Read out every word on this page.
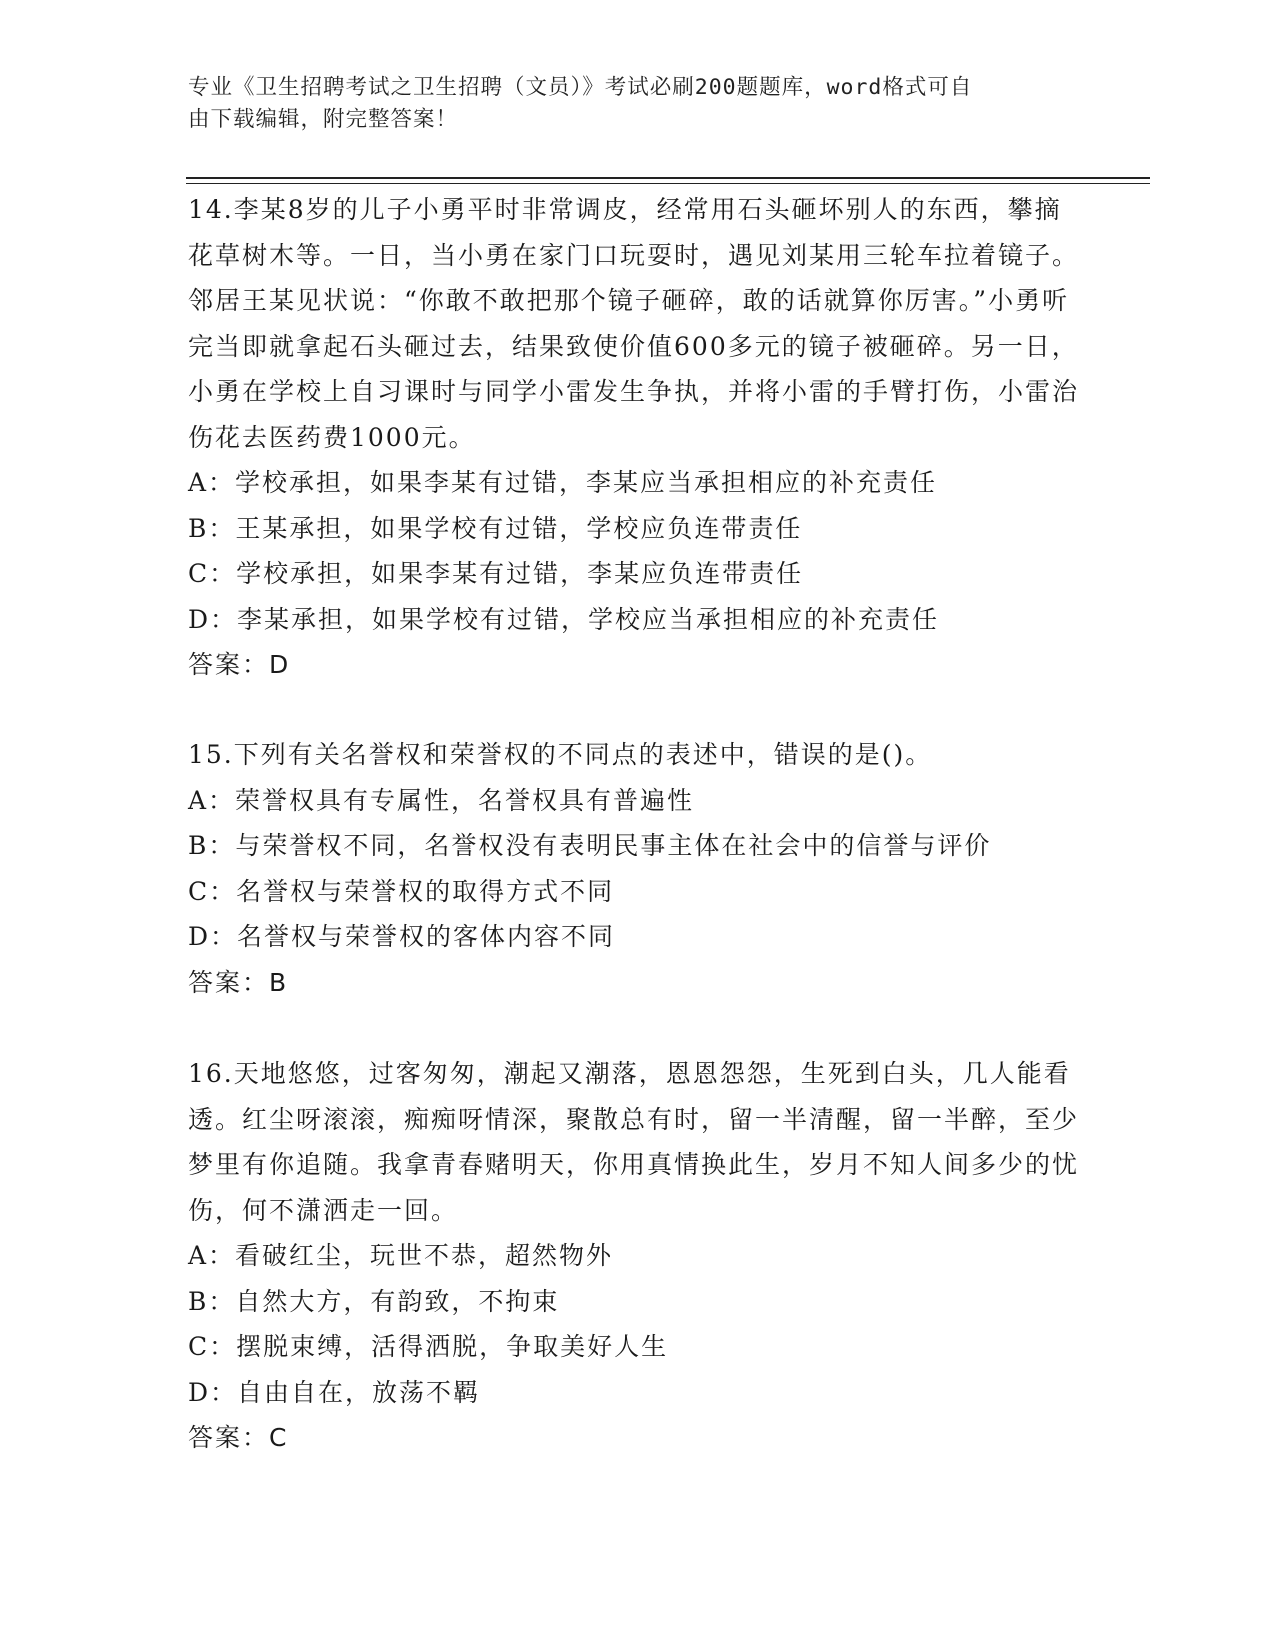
专业《卫生招聘考试之卫生招聘（文员）》考试必刷200题题库，word格式可自
由下载编辑，附完整答案！

14.李某8岁的儿子小勇平时非常调皮，经常用石头砸坏别人的东西，攀摘花草树木等。一日，当小勇在家门口玩耍时，遇见刘某用三轮车拉着镜子。邻居王某见状说：“你敢不敢把那个镜子砸碎，敢的话就算你厉害。”小勇听完当即就拿起石头砸过去，结果致使价值600多元的镜子被砸碎。另一日，小勇在学校上自习课时与同学小雷发生争执，并将小雷的手臂打伤，小雷治伤花去医药费1000元。

A：学校承担，如果李某有过错，李某应当承担相应的补充责任

B：王某承担，如果学校有过错，学校应负连带责任

C：学校承担，如果李某有过错，李某应负连带责任

D：李某承担，如果学校有过错，学校应当承担相应的补充责任

答案：D

15.下列有关名誉权和荣誉权的不同点的表述中，错误的是()。

A：荣誉权具有专属性，名誉权具有普遍性

B：与荣誉权不同，名誉权没有表明民事主体在社会中的信誉与评价

C：名誉权与荣誉权的取得方式不同

D：名誉权与荣誉权的客体内容不同

答案：B

16.天地悠悠，过客匆匆，潮起又潮落，恩恩怨怨，生死到白头，几人能看透。红尘呀滚滚，痴痴呀情深，聚散总有时，留一半清醒，留一半醉，至少梦里有你追随。我拿青春赌明天，你用真情换此生，岁月不知人间多少的忧伤，何不潇洒走一回。

A：看破红尘，玩世不恭，超然物外

B：自然大方，有韵致，不拘束

C：摆脱束缚，活得洒脱，争取美好人生

D：自由自在，放荡不羁

答案：C
